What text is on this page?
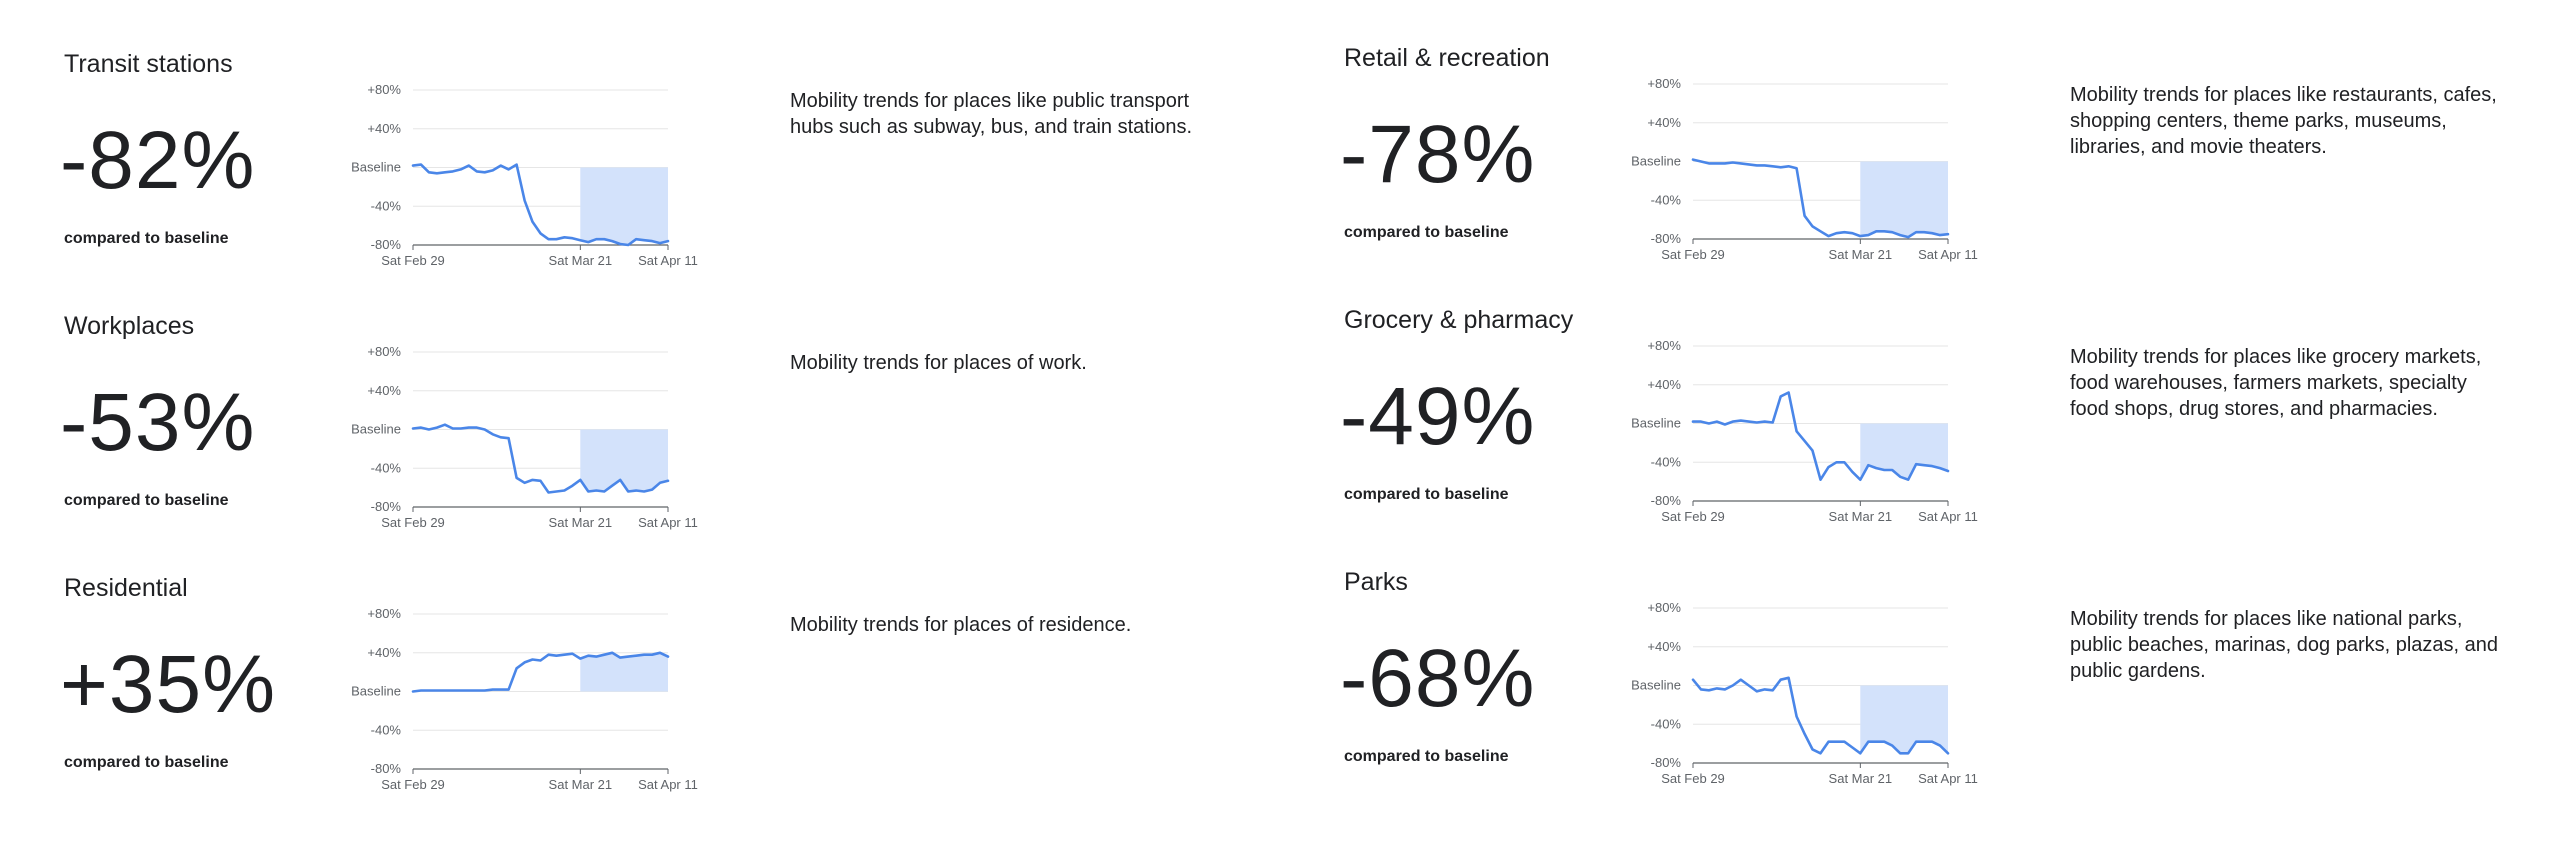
Transit stations
-82%
compared to baseline
+80%
+40%
Baseline
-40%
-80%
Sat Feb 29	Sat Mar 21 Sat Apr 11
Mobility trends for places like public transport hubs such as subway, bus, and train stations.
Retail & recreation
-78%
compared to baseline
+80%
+40%
Baseline
-40%
-80%
Sat Feb 29	Sat Mar 21 Sat Apr 11
Mobility trends for places like restaurants, cafes, shopping centers, theme parks, museums, libraries, and movie theaters.
Workplaces
-53%
compared to baseline
+80%
+40%
Baseline
-40%
-80%
Sat Feb 29	Sat Mar 21 Sat Apr 11
Mobility trends for places of work.
Grocery & pharmacy
-49%
compared to baseline
+80%
+40%
Baseline
-40%
-80%
Sat Feb 29	Sat Mar 21 Sat Apr 11
Mobility trends for places like grocery markets, food warehouses, farmers markets, specialty food shops, drug stores, and pharmacies.
Residential
+35%
compared to baseline
+80%
+40%
Baseline
-40%
-80%
Sat Feb 29	Sat Mar 21 Sat Apr 11
Mobility trends for places of residence.
Parks
-68%
compared to baseline
+80%
+40%
Baseline
-40%
-80%
Sat Feb 29	Sat Mar 21 Sat Apr 11
Mobility trends for places like national parks, public beaches, marinas, dog parks, plazas, and public gardens.
